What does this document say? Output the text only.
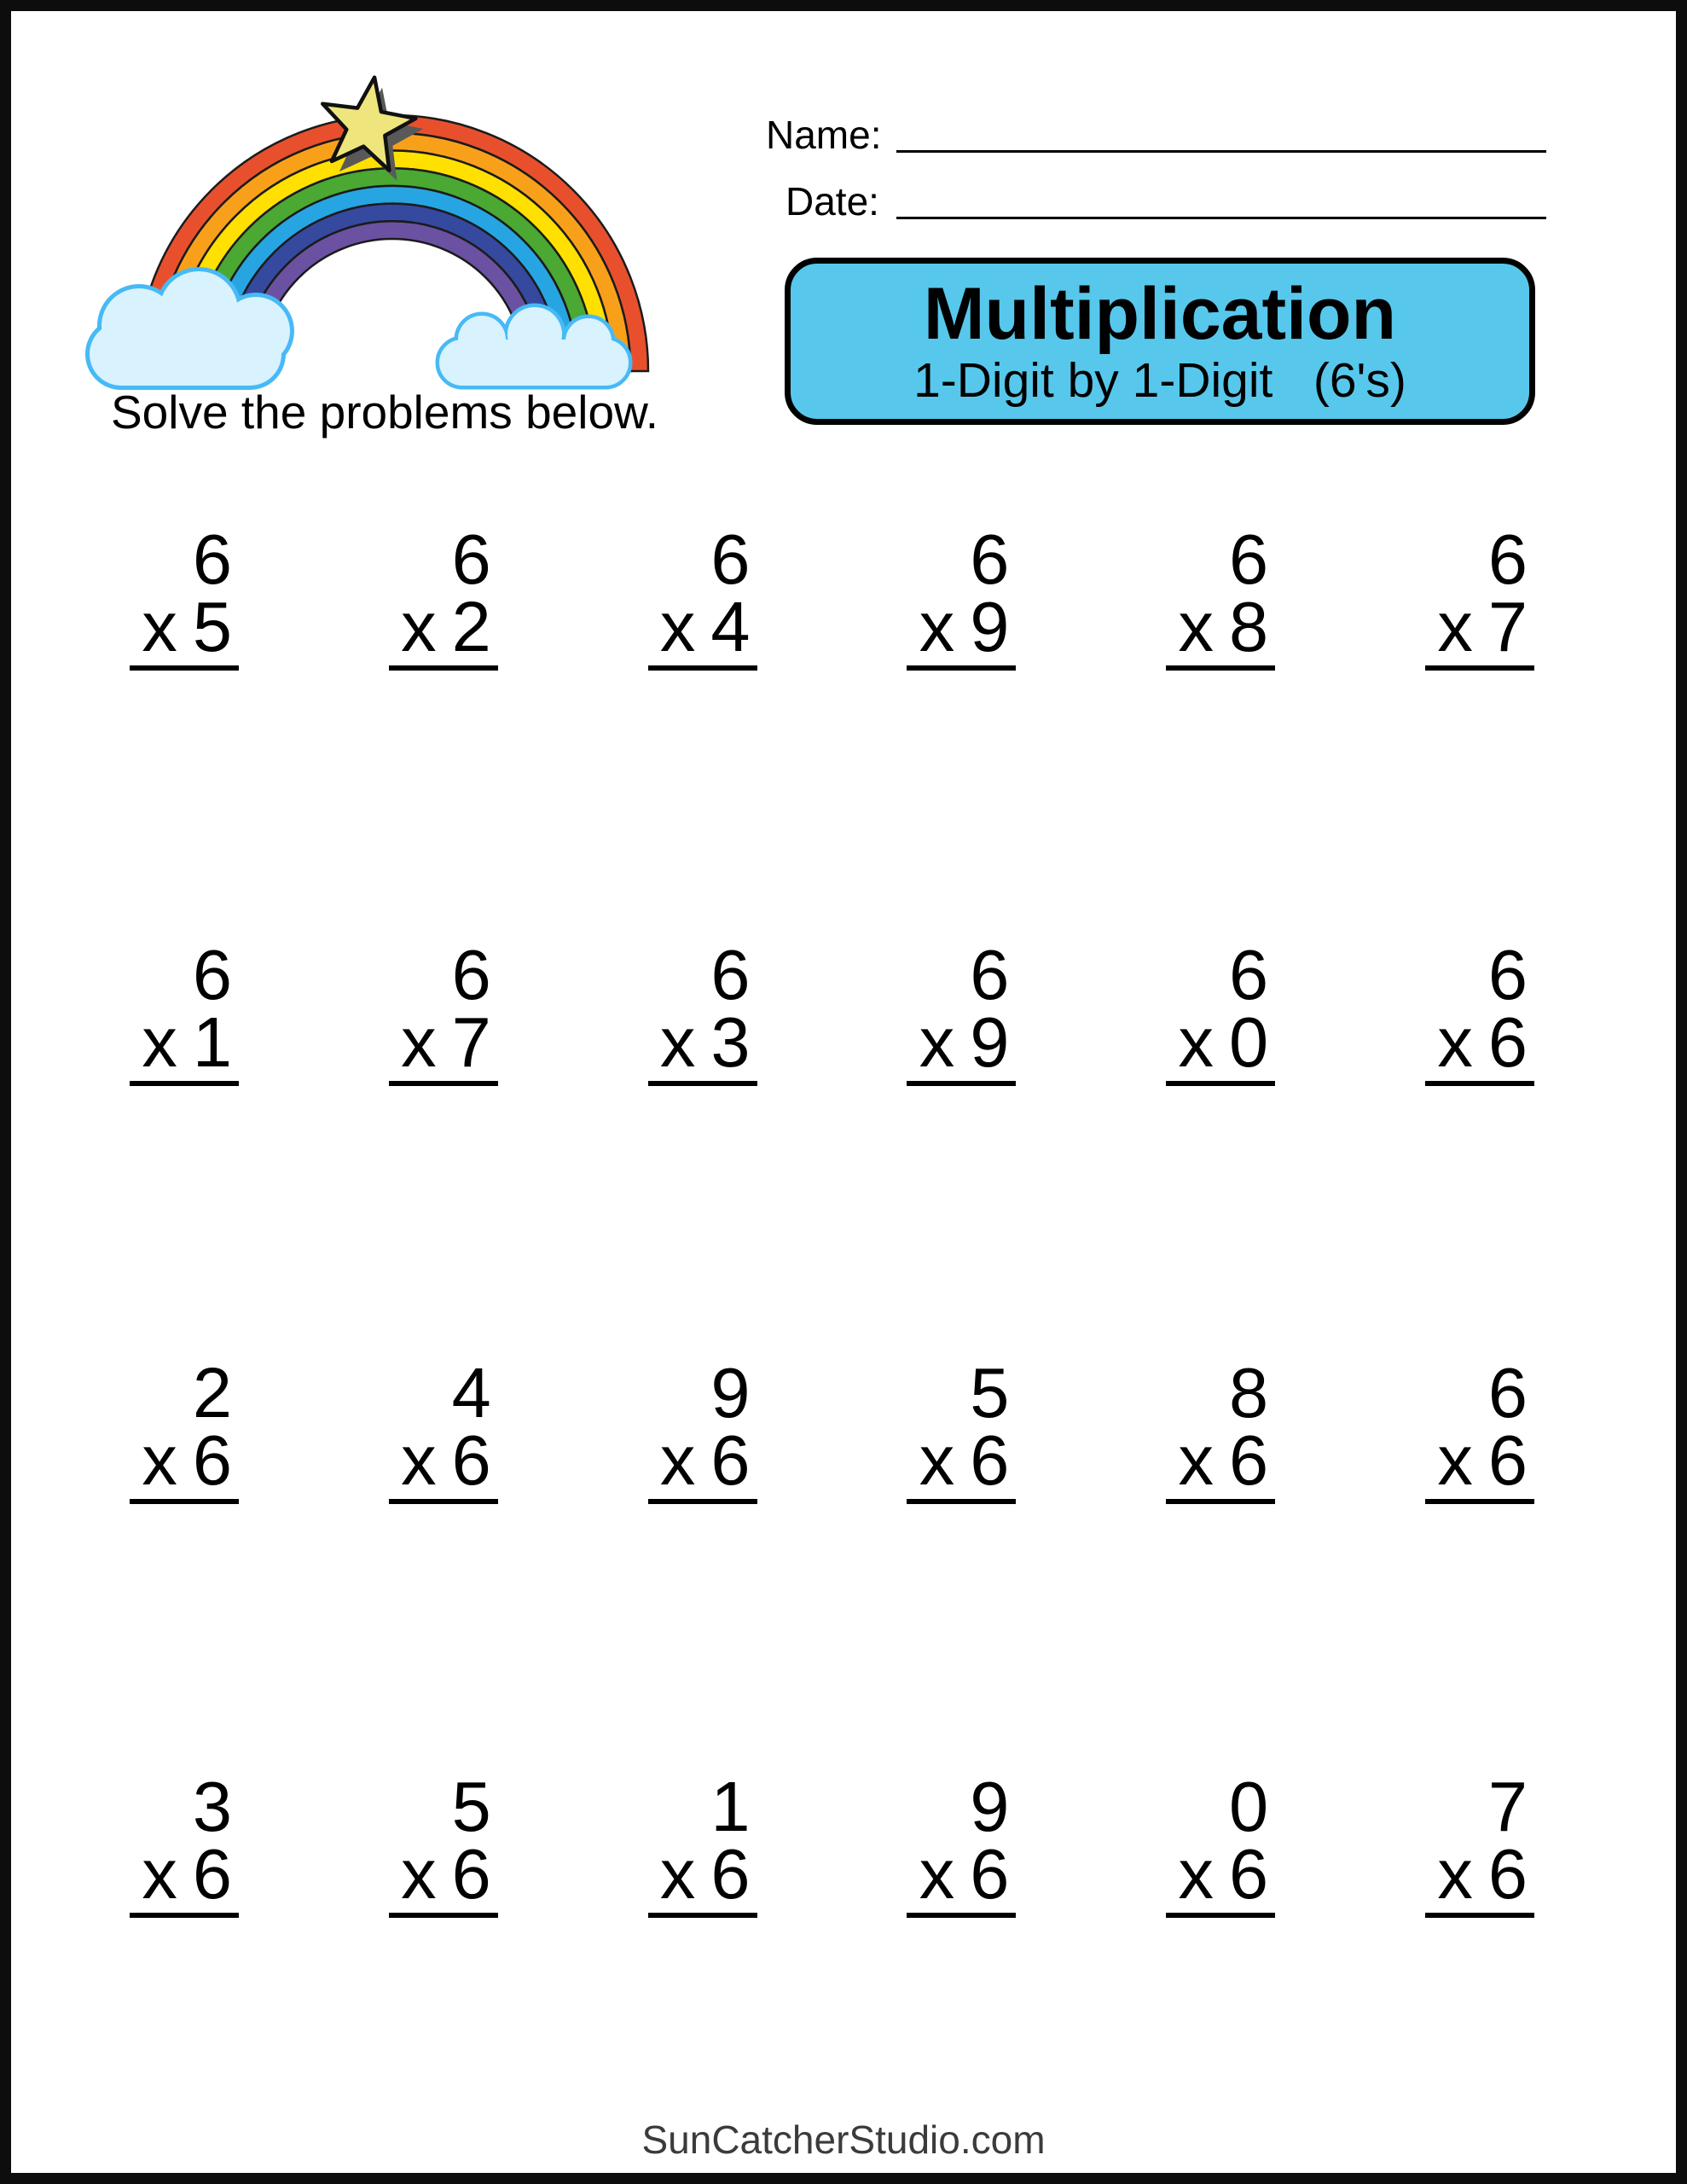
Solve the problems below.
Name:
Date:
Multiplication
1-Digit by 1-Digit   (6's)
6
x 5
6
x 2
6
x 4
6
x 9
6
x 8
6
x 7
6
x 1
6
x 7
6
x 3
6
x 9
6
x 0
6
x 6
2
x 6
4
x 6
9
x 6
5
x 6
8
x 6
6
x 6
3
x 6
5
x 6
1
x 6
9
x 6
0
x 6
7
x 6
SunCatcherStudio.com
